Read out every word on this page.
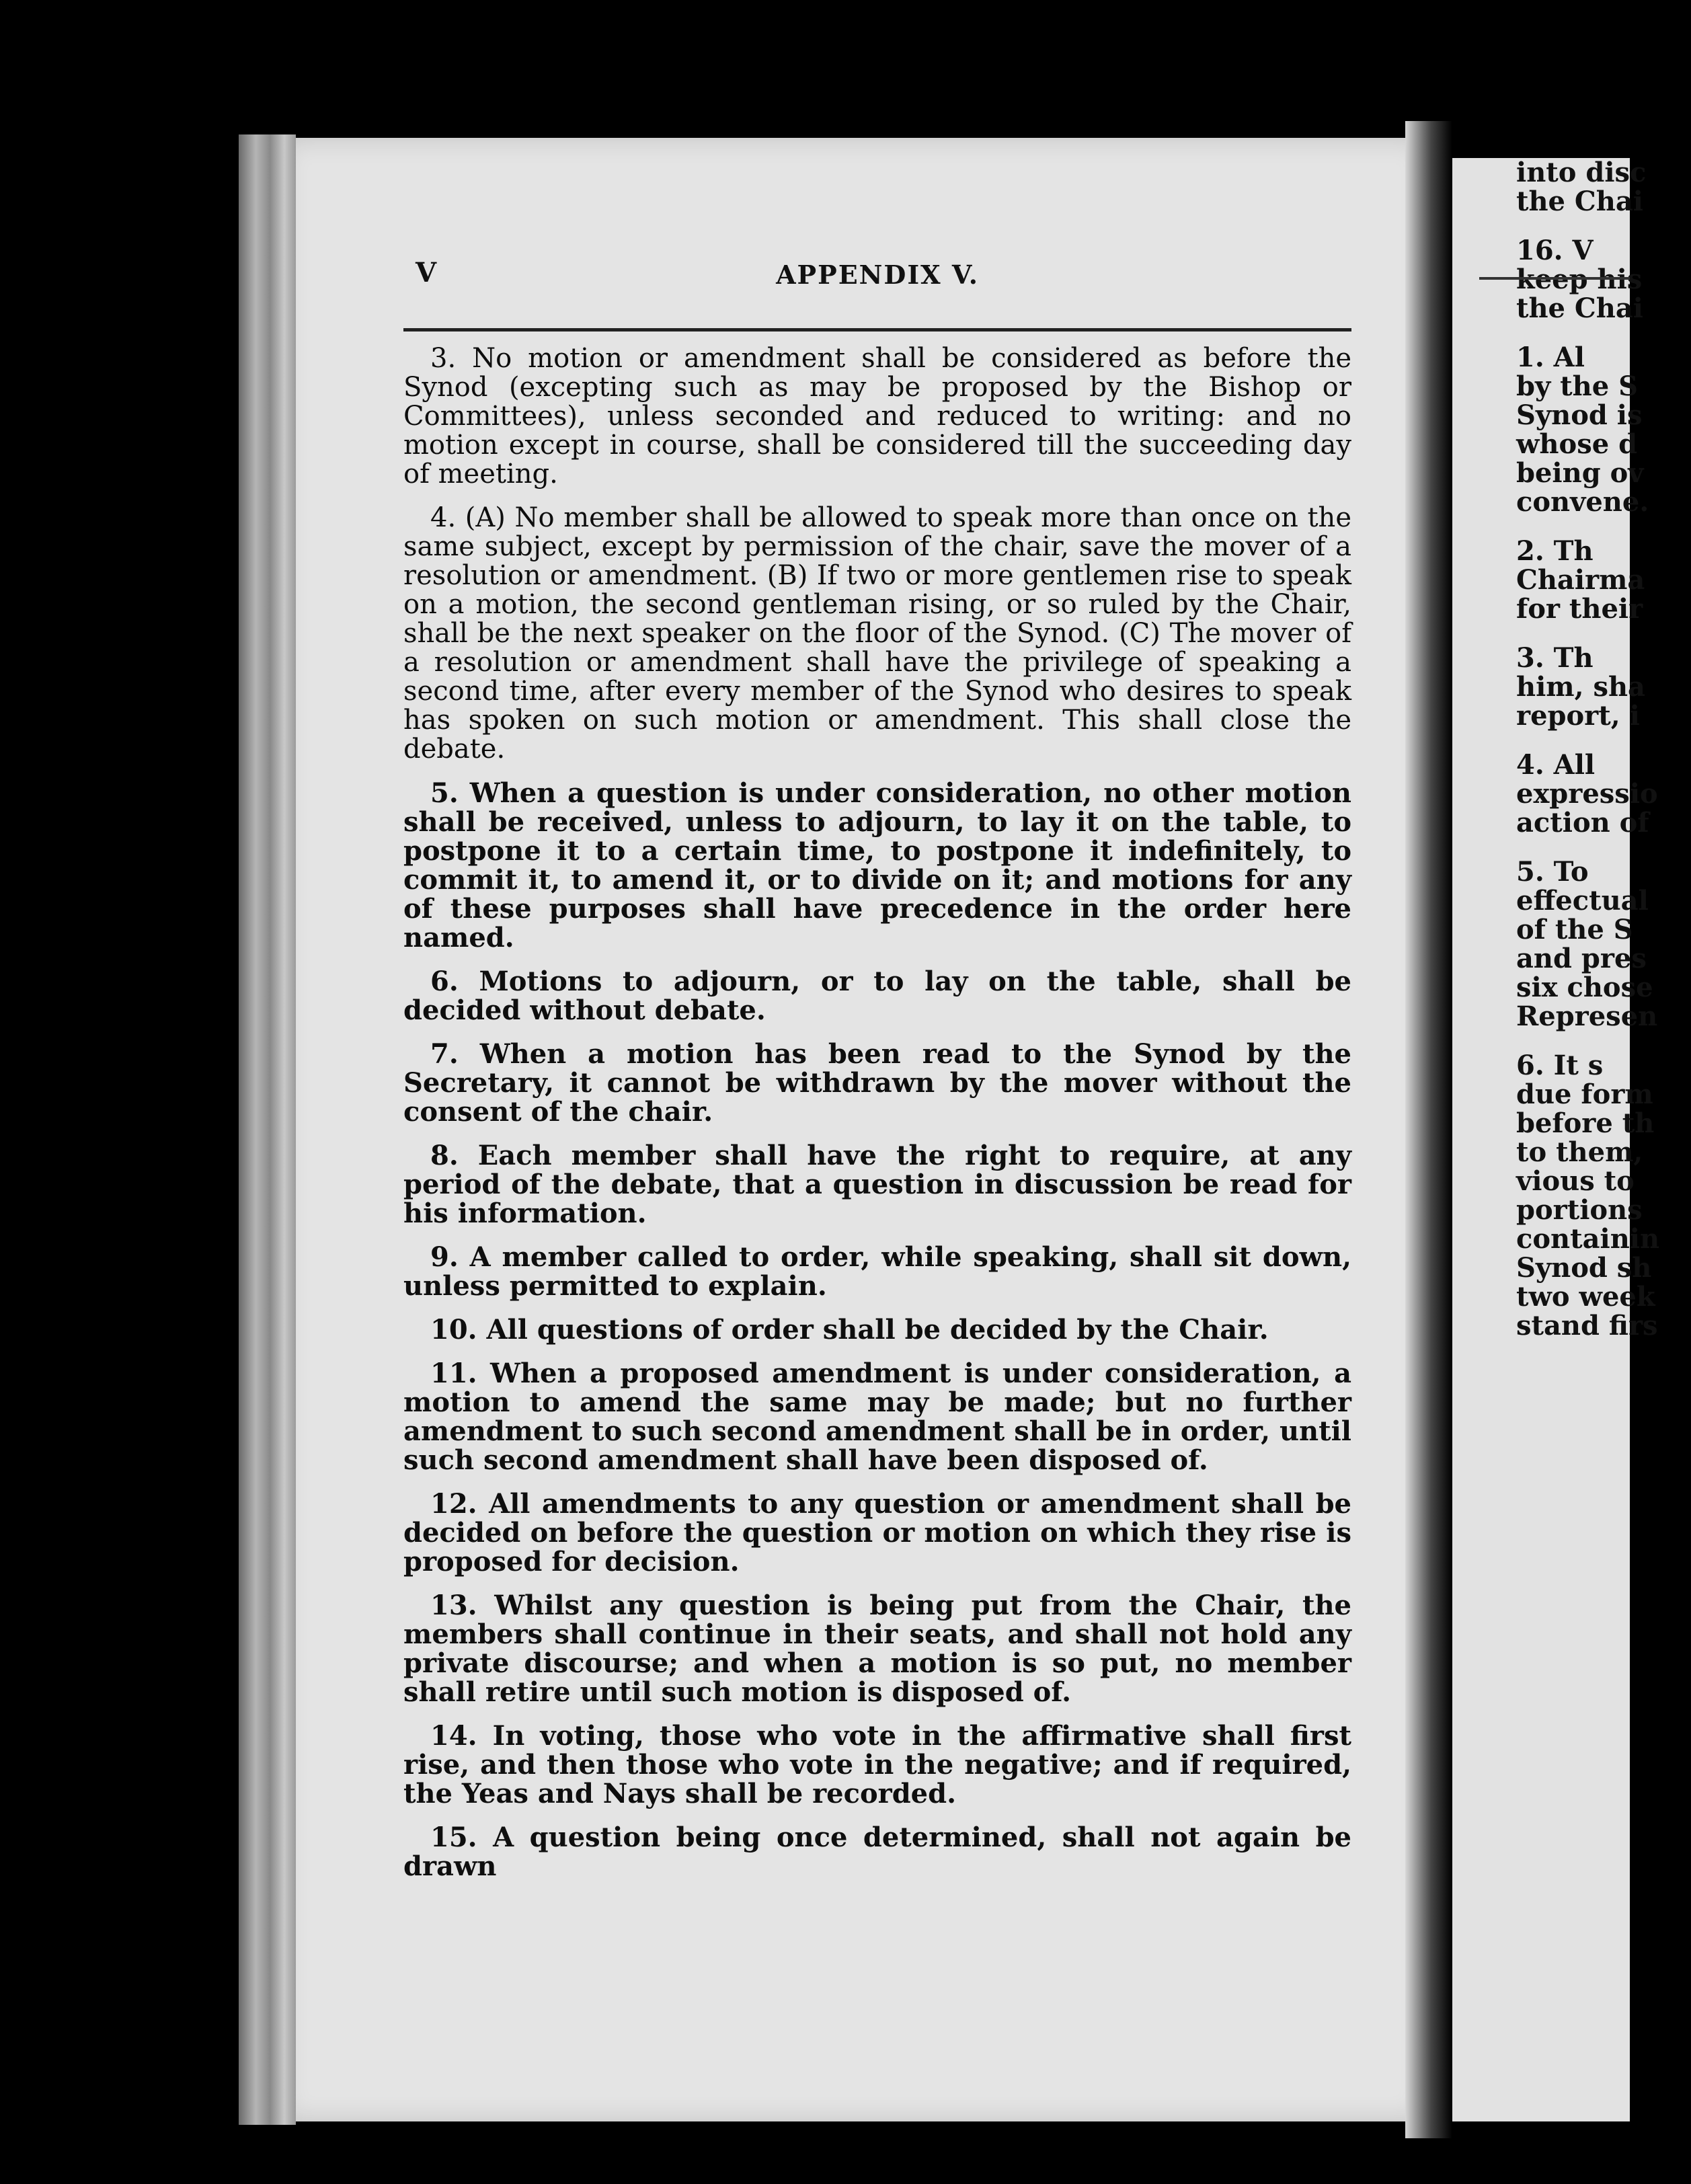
into disc
the Chai
16. V
keep his
the Chai
1. Al
by the S
Synod is
whose d
being ov
convene.
2. Th
Chairma
for their
3. Th
him, sha
report, i
4. All
expressio
action of
5. To
effectual
of the S
and pres
six chose
Represen
6. It s
due form
before th
to them,
vious to
portions
containin
Synod sh
two week
stand firs
V	APPENDIX V.

3. No motion or amendment shall be considered as before the Synod (excepting such as may be proposed by the Bishop or Committees), unless seconded and reduced to writing: and no motion except in course, shall be considered till the succeeding day of meeting.

4. (A) No member shall be allowed to speak more than once on the same subject, except by permission of the chair, save the mover of a resolution or amendment. (B) If two or more gentlemen rise to speak on a motion, the second gentleman rising, or so ruled by the Chair, shall be the next speaker on the floor of the Synod. (C) The mover of a resolution or amendment shall have the privilege of speaking a second time, after every member of the Synod who desires to speak has spoken on such motion or amendment. This shall close the debate.

5. When a question is under consideration, no other motion shall be received, unless to adjourn, to lay it on the table, to postpone it to a certain time, to postpone it indefinitely, to commit it, to amend it, or to divide on it; and motions for any of these purposes shall have precedence in the order here named.

6. Motions to adjourn, or to lay on the table, shall be decided without debate.

7. When a motion has been read to the Synod by the Secretary, it cannot be withdrawn by the mover without the consent of the chair.

8. Each member shall have the right to require, at any period of the debate, that a question in discussion be read for his information.

9. A member called to order, while speaking, shall sit down, unless permitted to explain.

10. All questions of order shall be decided by the Chair.

11. When a proposed amendment is under consideration, a motion to amend the same may be made; but no further amendment to such second amendment shall be in order, until such second amendment shall have been disposed of.

12. All amendments to any question or amendment shall be decided on before the question or motion on which they rise is proposed for decision.

13. Whilst any question is being put from the Chair, the members shall continue in their seats, and shall not hold any private discourse; and when a motion is so put, no member shall retire until such motion is disposed of.

14. In voting, those who vote in the affirmative shall first rise, and then those who vote in the negative; and if required, the Yeas and Nays shall be recorded.

15. A question being once determined, shall not again be drawn
